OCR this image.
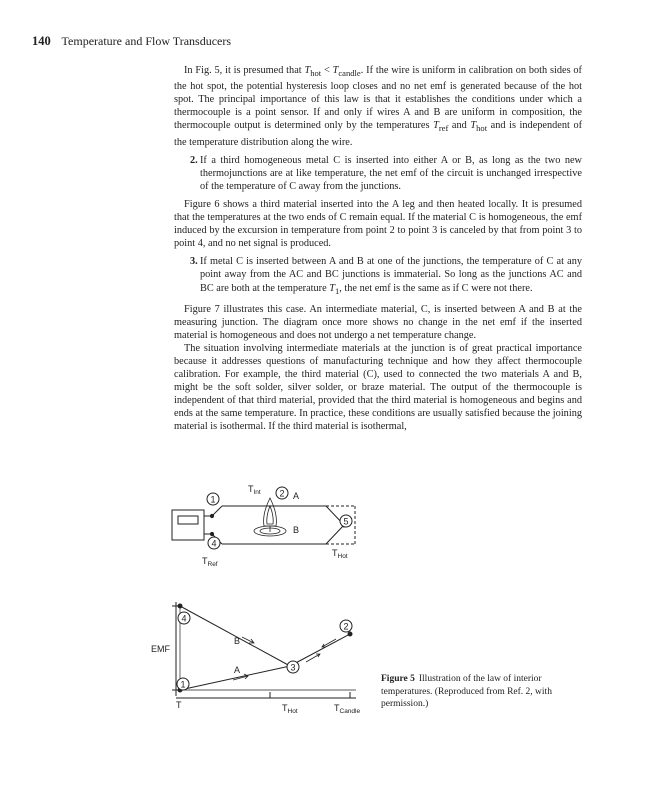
140 Temperature and Flow Transducers

In Fig. 5, it is presumed that $T_{hot} < T_{candle}$. If the wire is uniform in calibration on both sides of the hot spot, the potential hysteresis loop closes and no net emf is generated because of the hot spot. The principal importance of this law is that it establishes the conditions under which a thermocouple is a point sensor. If and only if wires A and B are uniform in composition, the thermocouple output is determined only by the temperatures $T_{ref}$ and $T_{hot}$ and is independent of the temperature distribution along the wire.

2. If a third homogeneous metal C is inserted into either A or B, as long as the two new thermojunctions are at like temperature, the net emf of the circuit is unchanged irrespective of the temperature of C away from the junctions.

Figure 6 shows a third material inserted into the A leg and then heated locally. It is presumed that the temperatures at the two ends of C remain equal. If the material C is homogeneous, the emf induced by the excursion in temperature from point 2 to point 3 is canceled by that from point 3 to point 4, and no net signal is produced.

3. If metal C is inserted between A and B at one of the junctions, the temperature of C at any point away from the AC and BC junctions is immaterial. So long as the junctions AC and BC are both at the temperature $T_1$, the net emf is the same as if C were not there.

Figure 7 illustrates this case. An intermediate material, C, is inserted between A and B at the measuring junction. The diagram once more shows no change in the net emf if the inserted material is homogeneous and does not undergo a net temperature change.

The situation involving intermediate materials at the junction is of great practical importance because it addresses questions of manufacturing technique and how they affect thermocouple calibration. For example, the third material (C), used to connected the two materials A and B, might be the soft solder, silver solder, or braze material. The output of the thermocouple is independent of that third material, provided that the third material is homogeneous and begins and ends at the same temperature. In practice, these conditions are usually satisfied because the joining material is isothermal. If the third material is isothermal,

1
2
4
5
$T_{Int}$	A
B
$T_{Hot}$
$T_{Ref}$
EMF
4
2
3
1
B
A
T	$T_{Hot}$	$T_{Candle}$
Figure 5 Illustration of the law of interior temperatures. (Reproduced from Ref. 2, with permission.)
